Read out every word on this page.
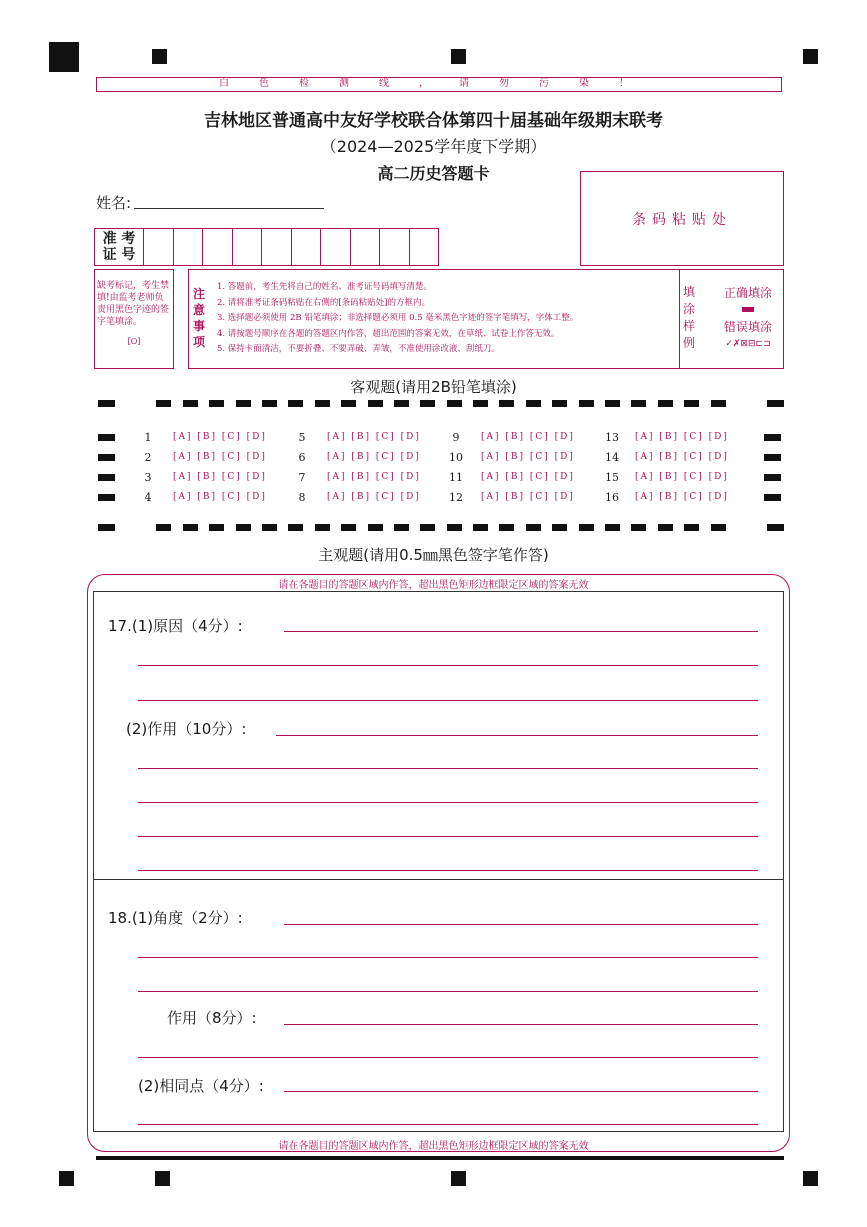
白色检测线，请勿污染！
吉林地区普通高中友好学校联合体第四十届基础年级期末联考
（2024—2025学年度下学期）
高二历史答题卡
条码粘贴处
姓名:
准 考
证 号
缺考标记，考生禁填!由监考老师负责用黑色字迹的签字笔填涂。
[O]
注意事项
1. 答题前，考生先将自己的姓名、准考证号码填写清楚。
2. 请将准考证条码粘贴在右侧的[条码粘贴处]的方框内。
3. 选择题必须使用 2B 铅笔填涂；非选择题必须用 0.5 毫米黑色字迹的签字笔填写，字体工整。
4. 请按题号顺序在各题的答题区内作答，超出范围的答案无效，在草纸、试卷上作答无效。
5. 保持卡面清洁，不要折叠、不要弄破、弄皱，不准使用涂改液、刮纸刀。
填涂样例
正确填涂
错误填涂
✓✗⊠⊟⊏⊐
客观题(请用2B铅笔填涂)
1	[A] [B] [C] [D]	5	[A] [B] [C] [D]	9	[A] [B] [C] [D]	13	[A] [B] [C] [D]
2	[A] [B] [C] [D]	6	[A] [B] [C] [D]	10	[A] [B] [C] [D]	14	[A] [B] [C] [D]
3	[A] [B] [C] [D]	7	[A] [B] [C] [D]	11	[A] [B] [C] [D]	15	[A] [B] [C] [D]
4	[A] [B] [C] [D]	8	[A] [B] [C] [D]	12	[A] [B] [C] [D]	16	[A] [B] [C] [D]
主观题(请用0.5㎜黑色签字笔作答)
请在各题目的答题区域内作答，超出黑色矩形边框限定区域的答案无效
请在各题目的答题区域内作答，超出黑色矩形边框限定区域的答案无效
17.(1)原因（4分）:
(2)作用（10分）:
18.(1)角度（2分）:
作用（8分）:
(2)相同点（4分）:
